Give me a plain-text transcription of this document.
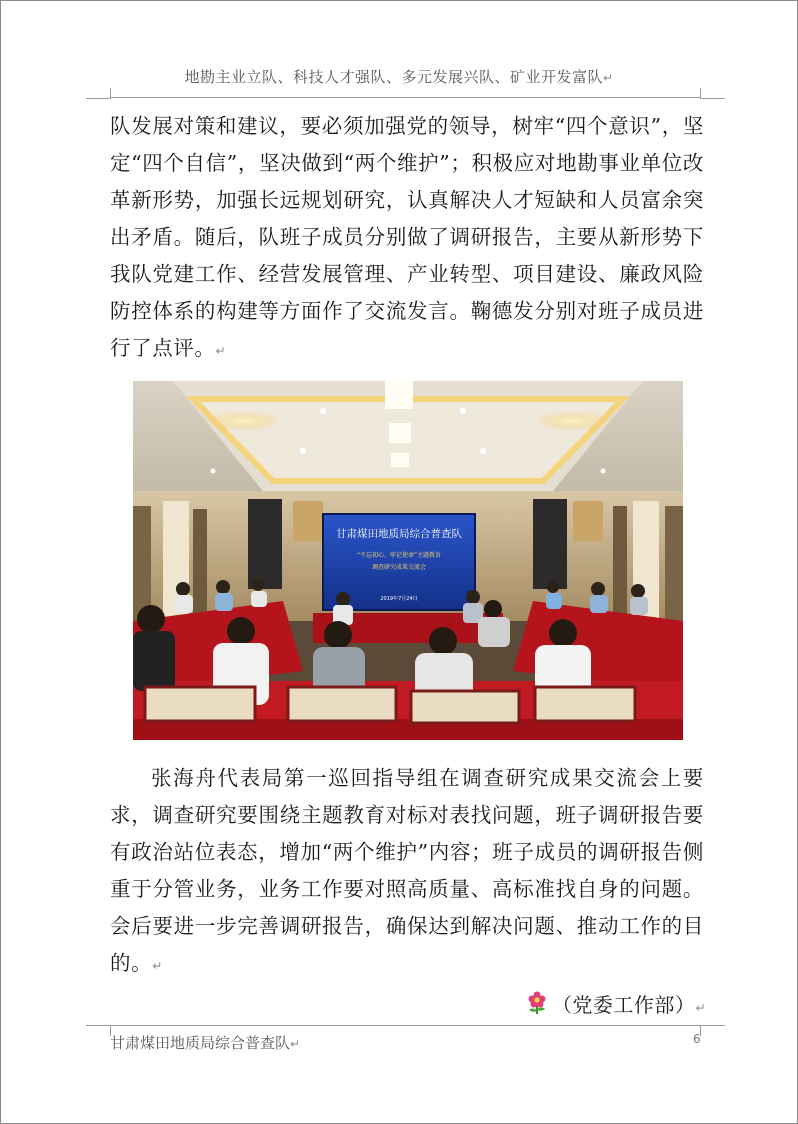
地勘主业立队、科技人才强队、多元发展兴队、矿业开发富队↵
队发展对策和建议，要必须加强党的领导，树牢“四个意识”，坚定“四个自信”，坚决做到“两个维护”；积极应对地勘事业单位改革新形势，加强长远规划研究，认真解决人才短缺和人员富余突出矛盾。随后，队班子成员分别做了调研报告，主要从新形势下我队党建工作、经营发展管理、产业转型、项目建设、廉政风险防控体系的构建等方面作了交流发言。鞠德发分别对班子成员进行了点评。↵
甘肃煤田地质局综合普查队
“不忘初心、牢记使命”主题教育
调查研究成果交流会
2019年7月24日
张海舟代表局第一巡回指导组在调查研究成果交流会上要求，调查研究要围绕主题教育对标对表找问题，班子调研报告要有政治站位表态，增加“两个维护”内容；班子成员的调研报告侧重于分管业务，业务工作要对照高质量、高标准找自身的问题。会后要进一步完善调研报告，确保达到解决问题、推动工作的目的。↵
（党委工作部）↵
甘肃煤田地质局综合普查队↵	6
